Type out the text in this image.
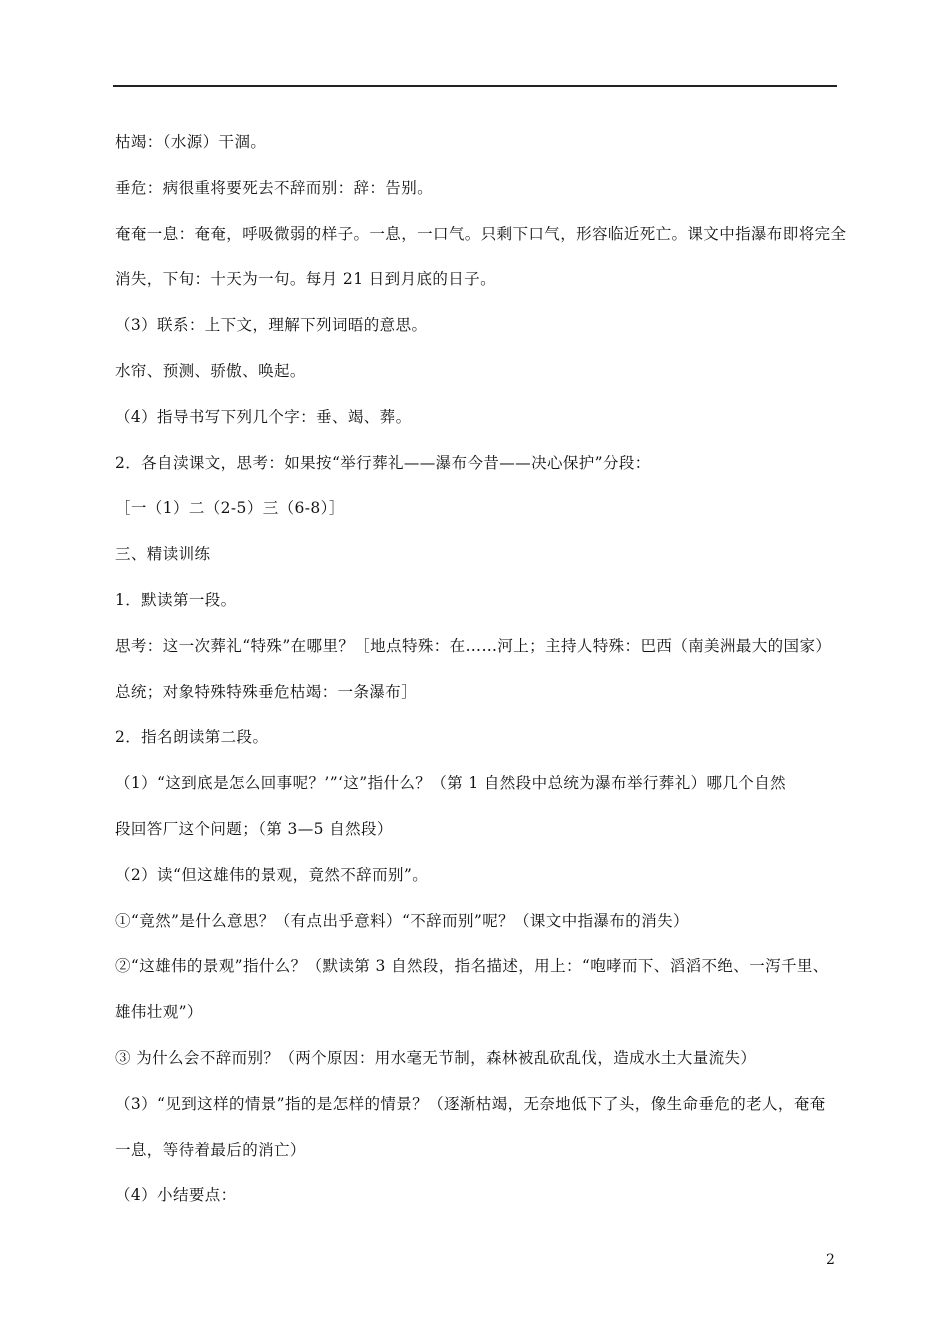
枯竭：（水源）干涸。
垂危：病很重将要死去不辞而别：辞：告别。
奄奄一息：奄奄，呼吸微弱的样子。一息，一口气。只剩下口气，形容临近死亡。课文中指瀑布即将完全
消失，下旬：十天为一句。每月 21 日到月底的日子。
（3）联系：上下文，理解下列词晤的意思。
水帘、预测、骄傲、唤起。
（4）指导书写下列几个字：垂、竭、葬。
2．各自渎课文，思考：如果按“举行葬礼——瀑布今昔——决心保护”分段：
［一（1）二（2-5）三（6-8）］
三、精读训练
1．默读第一段。
思考：这一次葬礼“特殊”在哪里？［地点特殊：在……河上；主持人特殊：巴西（南美洲最大的国家）
总统；对象特殊特殊垂危枯竭：一条瀑布］
2．指名朗读第二段。
（1）“这到底是怎么回事呢？’”‘这”指什么？（第 1 自然段中总统为瀑布举行葬礼）哪几个自然
段回答厂这个问题；（第 3—5 自然段）
（2）读“但这雄伟的景观，竟然不辞而别”。
①“竟然”是什么意思？（有点出乎意料）“不辞而别”呢？（课文中指瀑布的消失）
②“这雄伟的景观”指什么？（默读第 3 自然段，指名描述，用上：“咆哮而下、滔滔不绝、一泻千里、
雄伟壮观”）
③ 为什么会不辞而别？（两个原因：用水毫无节制，森林被乱砍乱伐，造成水土大量流失）
（3）“见到这样的情景”指的是怎样的情景？（逐渐枯竭，无奈地低下了头，像生命垂危的老人，奄奄
一息，等待着最后的消亡）
（4）小结要点：
2
